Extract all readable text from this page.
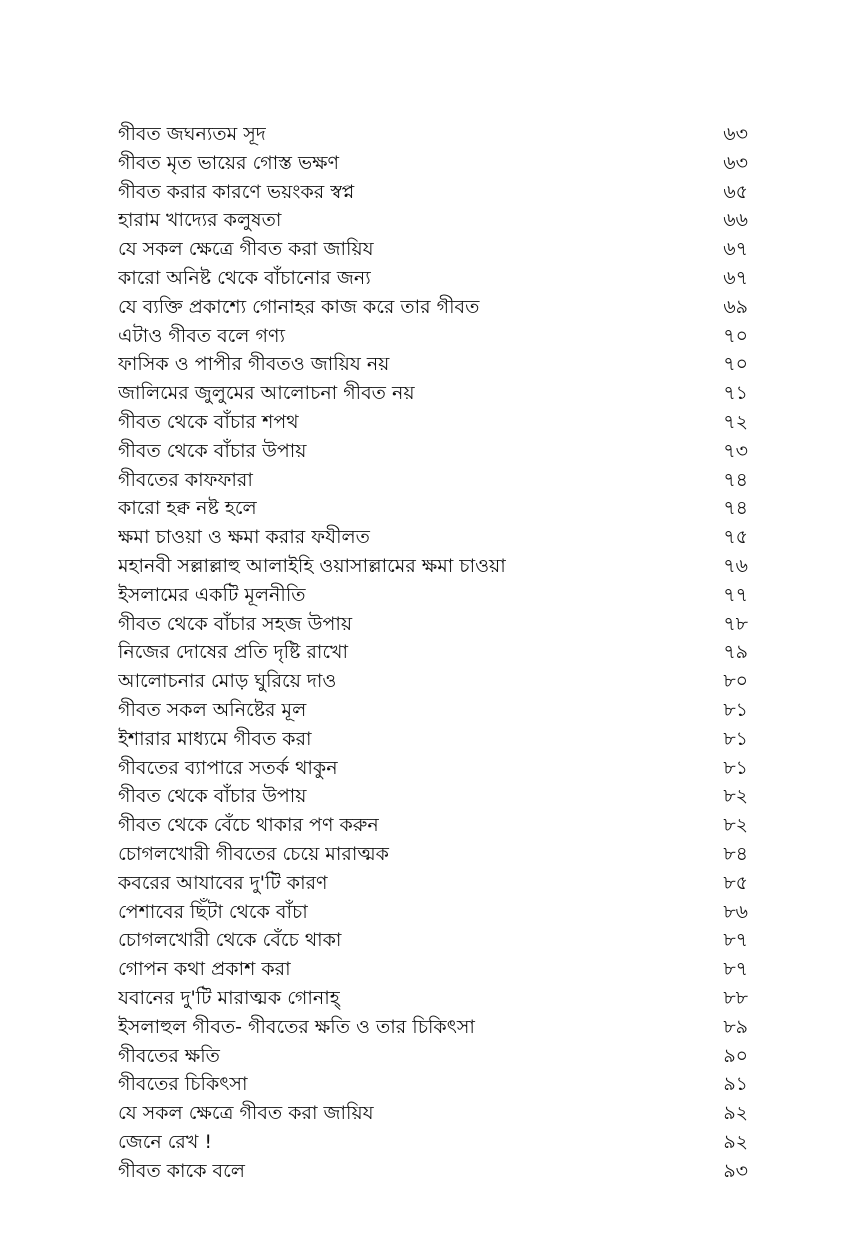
গীবত জঘন্যতম সূদ	৬৩
গীবত মৃত ভায়ের গোস্ত ভক্ষণ	৬৩
গীবত করার কারণে ভয়ংকর স্বপ্ন	৬৫
হারাম খাদ্যের কলুষতা	৬৬
যে সকল ক্ষেত্রে গীবত করা জায়িয	৬৭
কারো অনিষ্ট থেকে বাঁচানোর জন্য	৬৭
যে ব্যক্তি প্রকাশ্যে গোনাহর কাজ করে তার গীবত	৬৯
এটাও গীবত বলে গণ্য	৭০
ফাসিক ও পাপীর গীবতও জায়িয নয়	৭০
জালিমের জুলুমের আলোচনা গীবত নয়	৭১
গীবত থেকে বাঁচার শপথ	৭২
গীবত থেকে বাঁচার উপায়	৭৩
গীবতের কাফফারা	৭৪
কারো হক্ব নষ্ট হলে	৭৪
ক্ষমা চাওয়া ও ক্ষমা করার ফযীলত	৭৫
মহানবী সল্লাল্লাহু আলাইহি ওয়াসাল্লামের ক্ষমা চাওয়া	৭৬
ইসলামের একটি মূলনীতি	৭৭
গীবত থেকে বাঁচার সহজ উপায়	৭৮
নিজের দোষের প্রতি দৃষ্টি রাখো	৭৯
আলোচনার মোড় ঘুরিয়ে দাও	৮০
গীবত সকল অনিষ্টের মূল	৮১
ইশারার মাধ্যমে গীবত করা	৮১
গীবতের ব্যাপারে সতর্ক থাকুন	৮১
গীবত থেকে বাঁচার উপায়	৮২
গীবত থেকে বেঁচে থাকার পণ করুন	৮২
চোগলখোরী গীবতের চেয়ে মারাত্মক	৮৪
কবরের আযাবের দু'টি কারণ	৮৫
পেশাবের ছিঁটা থেকে বাঁচা	৮৬
চোগলখোরী থেকে বেঁচে থাকা	৮৭
গোপন কথা প্রকাশ করা	৮৭
যবানের দু'টি মারাত্মক গোনাহ্‌	৮৮
ইসলাহুল গীবত- গীবতের ক্ষতি ও তার চিকিৎসা	৮৯
গীবতের ক্ষতি	৯০
গীবতের চিকিৎসা	৯১
যে সকল ক্ষেত্রে গীবত করা জায়িয	৯২
জেনে রেখ !	৯২
গীবত কাকে বলে	৯৩
